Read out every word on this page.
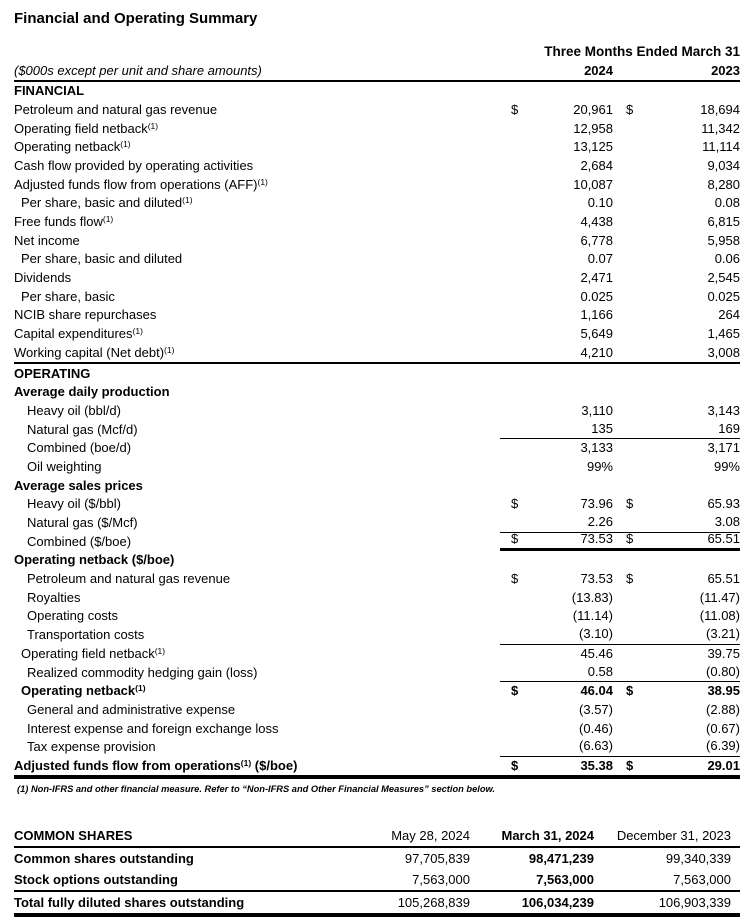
Financial and Operating Summary
Three Months Ended March 31
($000s except per unit and share amounts)	2024	2023
FINANCIAL
Petroleum and natural gas revenue	$	20,961	$	18,694
Operating field netback$^{(1)}$	12,958	11,342
Operating netback$^{(1)}$	13,125	11,114
Cash flow provided by operating activities	2,684	9,034
Adjusted funds flow from operations (AFF)$^{(1)}$	10,087	8,280
Per share, basic and diluted$^{(1)}$	0.10	0.08
Free funds flow$^{(1)}$	4,438	6,815
Net income	6,778	5,958
Per share, basic and diluted	0.07	0.06
Dividends	2,471	2,545
Per share, basic	0.025	0.025
NCIB share repurchases	1,166	264
Capital expenditures$^{(1)}$	5,649	1,465
Working capital (Net debt)$^{(1)}$	4,210	3,008
OPERATING
Average daily production
Heavy oil (bbl/d)	3,110	3,143
Natural gas (Mcf/d)	135	169
Combined (boe/d)	3,133	3,171
Oil weighting	99%	99%
Average sales prices
Heavy oil ($/bbl)	$	73.96	$	65.93
Natural gas ($/Mcf)	2.26	3.08
Combined ($/boe)	$	73.53	$	65.51
Operating netback ($/boe)
Petroleum and natural gas revenue	$	73.53	$	65.51
Royalties	(13.83)	(11.47)
Operating costs	(11.14)	(11.08)
Transportation costs	(3.10)	(3.21)
Operating field netback$^{(1)}$	45.46	39.75
Realized commodity hedging gain (loss)	0.58	(0.80)
Operating netback$^{(1)}$	$	46.04	$	38.95
General and administrative expense	(3.57)	(2.88)
Interest expense and foreign exchange loss	(0.46)	(0.67)
Tax expense provision	(6.63)	(6.39)
Adjusted funds flow from operations$^{(1)}$ ($/boe)	$	35.38	$	29.01
(1) Non-IFRS and other financial measure. Refer to “Non-IFRS and Other Financial Measures” section below.
COMMON SHARES	May 28, 2024	March 31, 2024	December 31, 2023
Common shares outstanding	97,705,839	98,471,239	99,340,339
Stock options outstanding	7,563,000	7,563,000	7,563,000
Total fully diluted shares outstanding	105,268,839	106,034,239	106,903,339
